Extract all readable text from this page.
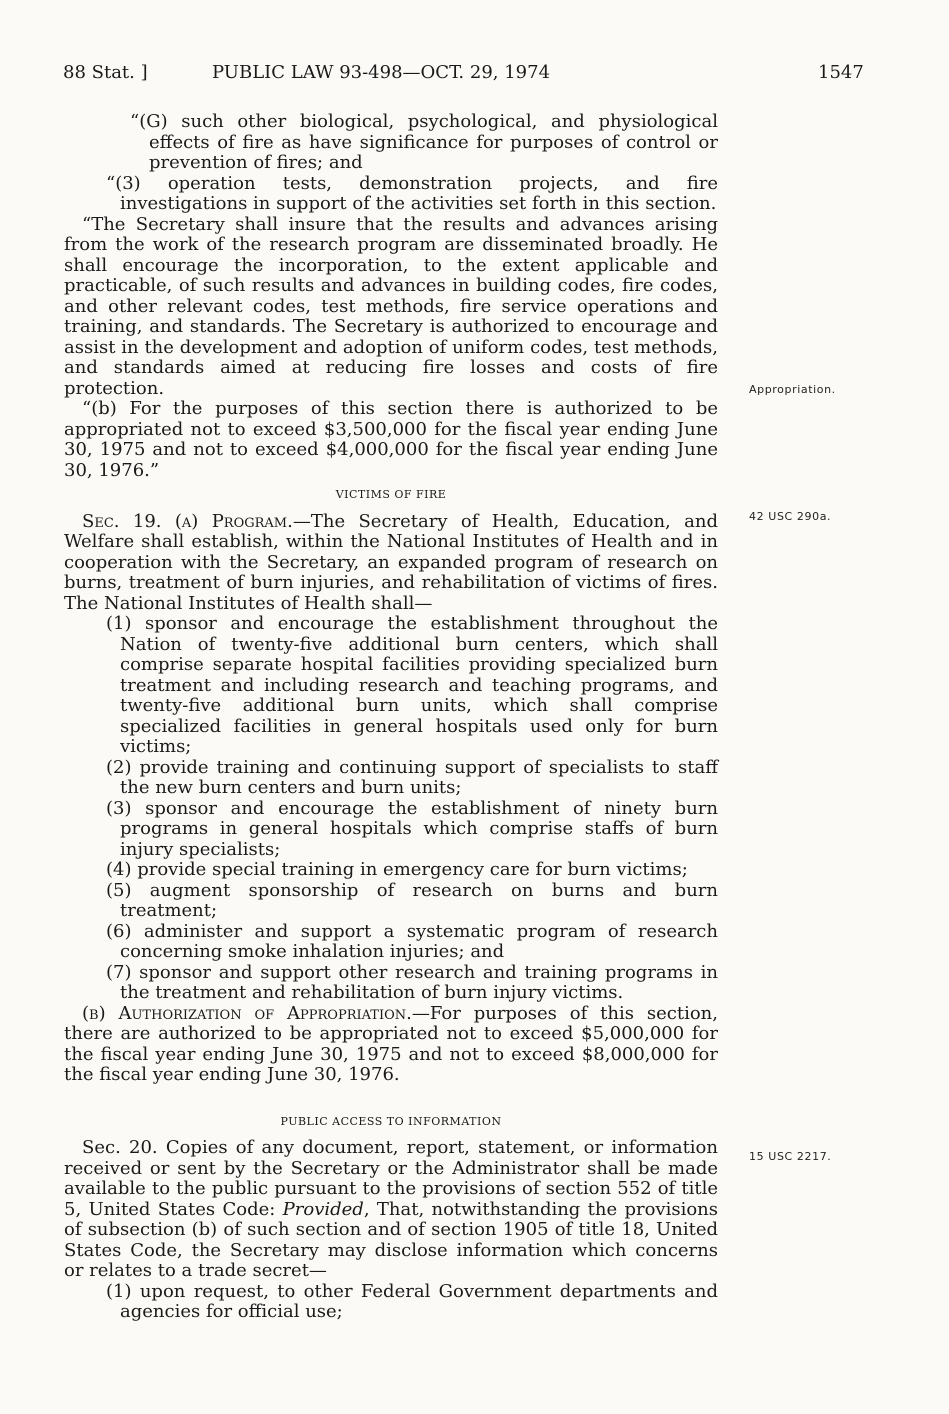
88 Stat. ]	PUBLIC LAW 93-498—OCT. 29, 1974	1547

“(G) such other biological, psychological, and physiological effects of fire as have significance for purposes of control or prevention of fires; and

“(3) operation tests, demonstration projects, and fire investigations in support of the activities set forth in this section.

“The Secretary shall insure that the results and advances arising from the work of the research program are disseminated broadly. He shall encourage the incorporation, to the extent applicable and practicable, of such results and advances in building codes, fire codes, and other relevant codes, test methods, fire service operations and training, and standards. The Secretary is authorized to encourage and assist in the development and adoption of uniform codes, test methods, and standards aimed at reducing fire losses and costs of fire protection.

“(b) For the purposes of this section there is authorized to be appropriated not to exceed $3,500,000 for the fiscal year ending June 30, 1975 and not to exceed $4,000,000 for the fiscal year ending June 30, 1976.”

VICTIMS OF FIRE

Sec. 19. (a) Program.—The Secretary of Health, Education, and Welfare shall establish, within the National Institutes of Health and in cooperation with the Secretary, an expanded program of research on burns, treatment of burn injuries, and rehabilitation of victims of fires. The National Institutes of Health shall—

(1) sponsor and encourage the establishment throughout the Nation of twenty-five additional burn centers, which shall comprise separate hospital facilities providing specialized burn treatment and including research and teaching programs, and twenty-five additional burn units, which shall comprise specialized facilities in general hospitals used only for burn victims;

(2) provide training and continuing support of specialists to staff the new burn centers and burn units;

(3) sponsor and encourage the establishment of ninety burn programs in general hospitals which comprise staffs of burn injury specialists;

(4) provide special training in emergency care for burn victims;

(5) augment sponsorship of research on burns and burn treatment;

(6) administer and support a systematic program of research concerning smoke inhalation injuries; and

(7) sponsor and support other research and training programs in the treatment and rehabilitation of burn injury victims.

(b) Authorization of Appropriation.—For purposes of this section, there are authorized to be appropriated not to exceed $5,000,000 for the fiscal year ending June 30, 1975 and not to exceed $8,000,000 for the fiscal year ending June 30, 1976.

PUBLIC ACCESS TO INFORMATION

Sec. 20. Copies of any document, report, statement, or information received or sent by the Secretary or the Administrator shall be made available to the public pursuant to the provisions of section 552 of title 5, United States Code: Provided, That, notwithstanding the provisions of subsection (b) of such section and of section 1905 of title 18, United States Code, the Secretary may disclose information which concerns or relates to a trade secret—

(1) upon request, to other Federal Government departments and agencies for official use;

Appropriation.
42 USC 290a.
15 USC 2217.
